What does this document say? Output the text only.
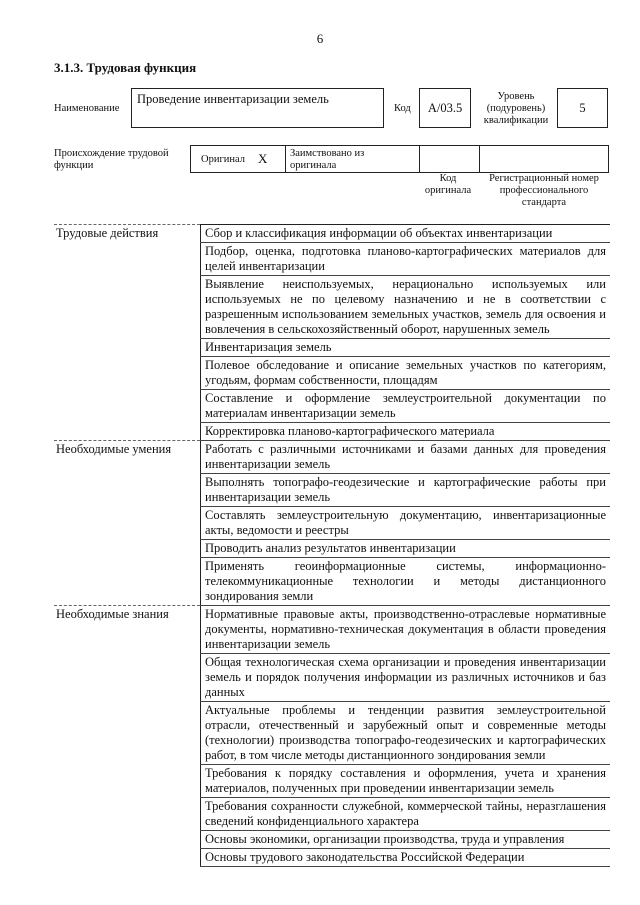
6
3.1.3. Трудовая функция
Наименование
Проведение инвентаризации земель
Код	А/03.5
Уровень
(подуровень)
квалификации
5
Происхождение трудовой
функции
Оригинал X Заимствовано из
оригинала
Код
оригинала
Регистрационный номер
профессионального
стандарта
Трудовые действия	Сбор и классификация информации об объектах инвентаризации
	Подбор, оценка, подготовка планово-картографических материалов для целей инвентаризации
	Выявление неиспользуемых, нерационально используемых или используемых не по целевому назначению и не в соответствии с разрешенным использованием земельных участков, земель для освоения и вовлечения в сельскохозяйственный оборот, нарушенных земель
	Инвентаризация земель
	Полевое обследование и описание земельных участков по категориям, угодьям, формам собственности, площадям
	Составление и оформление землеустроительной документации по материалам инвентаризации земель
	Корректировка планово-картографического материала
Необходимые умения	Работать с различными источниками и базами данных для проведения инвентаризации земель
	Выполнять топографо-геодезические и картографические работы при инвентаризации земель
	Составлять землеустроительную документацию, инвентаризационные акты, ведомости и реестры
	Проводить анализ результатов инвентаризации
	Применять геоинформационные системы, информационно-телекоммуникационные технологии и методы дистанционного зондирования земли
Необходимые знания	Нормативные правовые акты, производственно-отраслевые нормативные документы, нормативно-техническая документация в области проведения инвентаризации земель
	Общая технологическая схема организации и проведения инвентаризации земель и порядок получения информации из различных источников и баз данных
	Актуальные проблемы и тенденции развития землеустроительной отрасли, отечественный и зарубежный опыт и современные методы (технологии) производства топографо-геодезических и картографических работ, в том числе методы дистанционного зондирования земли
	Требования к порядку составления и оформления, учета и хранения материалов, полученных при проведении инвентаризации земель
	Требования сохранности служебной, коммерческой тайны, неразглашения сведений конфиденциального характера
	Основы экономики, организации производства, труда и управления
	Основы трудового законодательства Российской Федерации
